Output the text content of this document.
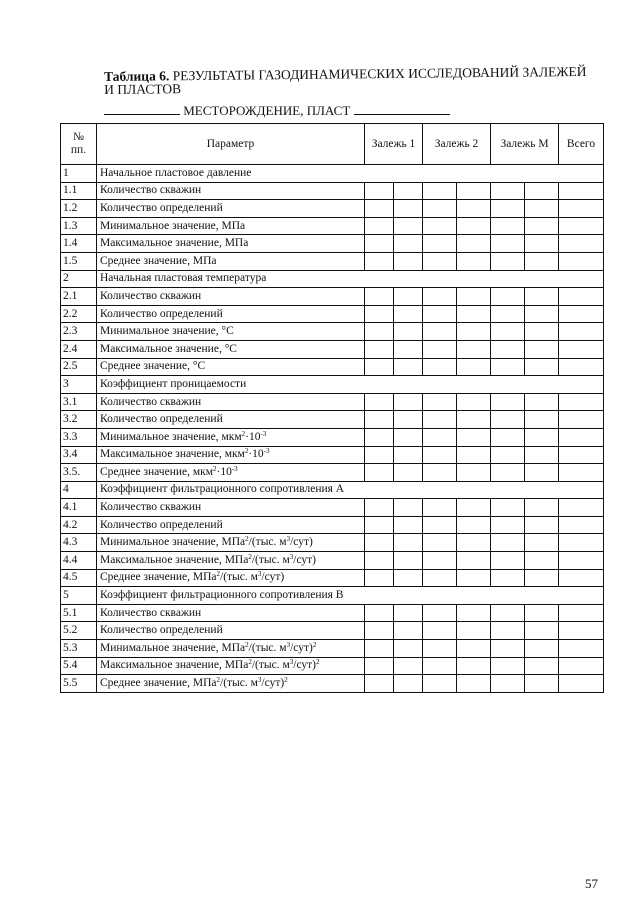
Таблица 6. РЕЗУЛЬТАТЫ ГАЗОДИНАМИЧЕСКИХ ИССЛЕДОВАНИЙ ЗАЛЕЖЕЙ И ПЛАСТОВ
МЕСТОРОЖДЕНИЕ, ПЛАСТ
№
пп.	Параметр	Залежь 1		Залежь 2		Залежь М		Всего
1	Начальное пластовое давление							
1.1	Количество скважин							
1.2	Количество определений							
1.3	Минимальное значение, МПа							
1.4	Максимальное значение, МПа							
1.5	Среднее значение, МПа							
2	Начальная пластовая температура							
2.1	Количество скважин							
2.2	Количество определений							
2.3	Минимальное значение, °С							
2.4	Максимальное значение, °С							
2.5	Среднее значение, °С							
3	Коэффициент проницаемости							
3.1	Количество скважин							
3.2	Количество определений							
3.3	Минимальное значение, $мкм^2\cdot 10^{-3}$							
3.4	Максимальное значение, $мкм^2\cdot 10^{-3}$							
3.5.	Среднее значение, $мкм^2\cdot 10^{-3}$							
4	Коэффициент фильтрационного сопротивления А							
4.1	Количество скважин							
4.2	Количество определений							
4.3	Минимальное значение, МПа$^2$/(тыс. $м^3/сут$)							
4.4	Максимальное значение, МПа$^2$/(тыс. $м^3/сут$)							
4.5	Среднее значение, МПа$^2$/(тыс. $м^3/сут$)							
5	Коэффициент фильтрационного сопротивления В							
5.1	Количество скважин							
5.2	Количество определений							
5.3	Минимальное значение, МПа$^2$/(тыс. $м^3/сут)^2$							
5.4	Максимальное значение, МПа$^2$/(тыс. $м^3/сут)^2$							
5.5	Среднее значение, МПа$^2$/(тыс. $м^3/сут)^2$							
57
